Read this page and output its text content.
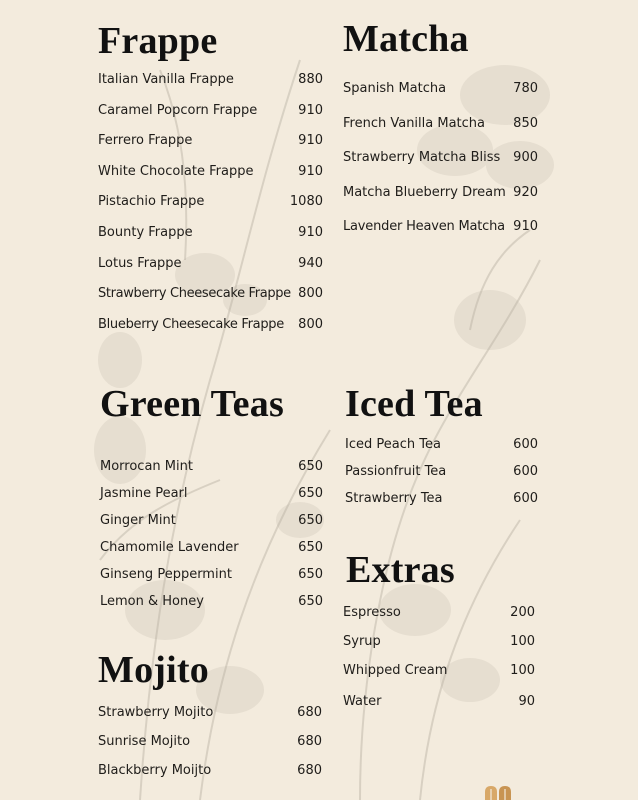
Frappe
Italian Vanilla Frappe	880
Caramel Popcorn Frappe	910
Ferrero Frappe	910
White Chocolate Frappe	910
Pistachio Frappe	1080
Bounty Frappe	910
Lotus Frappe	940
Strawberry Cheesecake Frappe 800
Blueberry Cheesecake Frappe 800
Matcha
Spanish Matcha	780
French Vanilla Matcha 850
Strawberry Matcha Bliss 900
Matcha Blueberry Dream 920
Lavender Heaven Matcha 910
Green Teas
Morrocan Mint	650
Jasmine Pearl	650
Ginger Mint	650
Chamomile Lavender	650
Ginseng Peppermint	650
Lemon & Honey	650
Iced Tea
Iced Peach Tea	600
Passionfruit Tea	600
Strawberry Tea	600
Extras
Espresso	200
Syrup	100
Whipped Cream	100
Water	90
Mojito
Strawberry Mojito	680
Sunrise Mojito	680
Blackberry Moijto	680
